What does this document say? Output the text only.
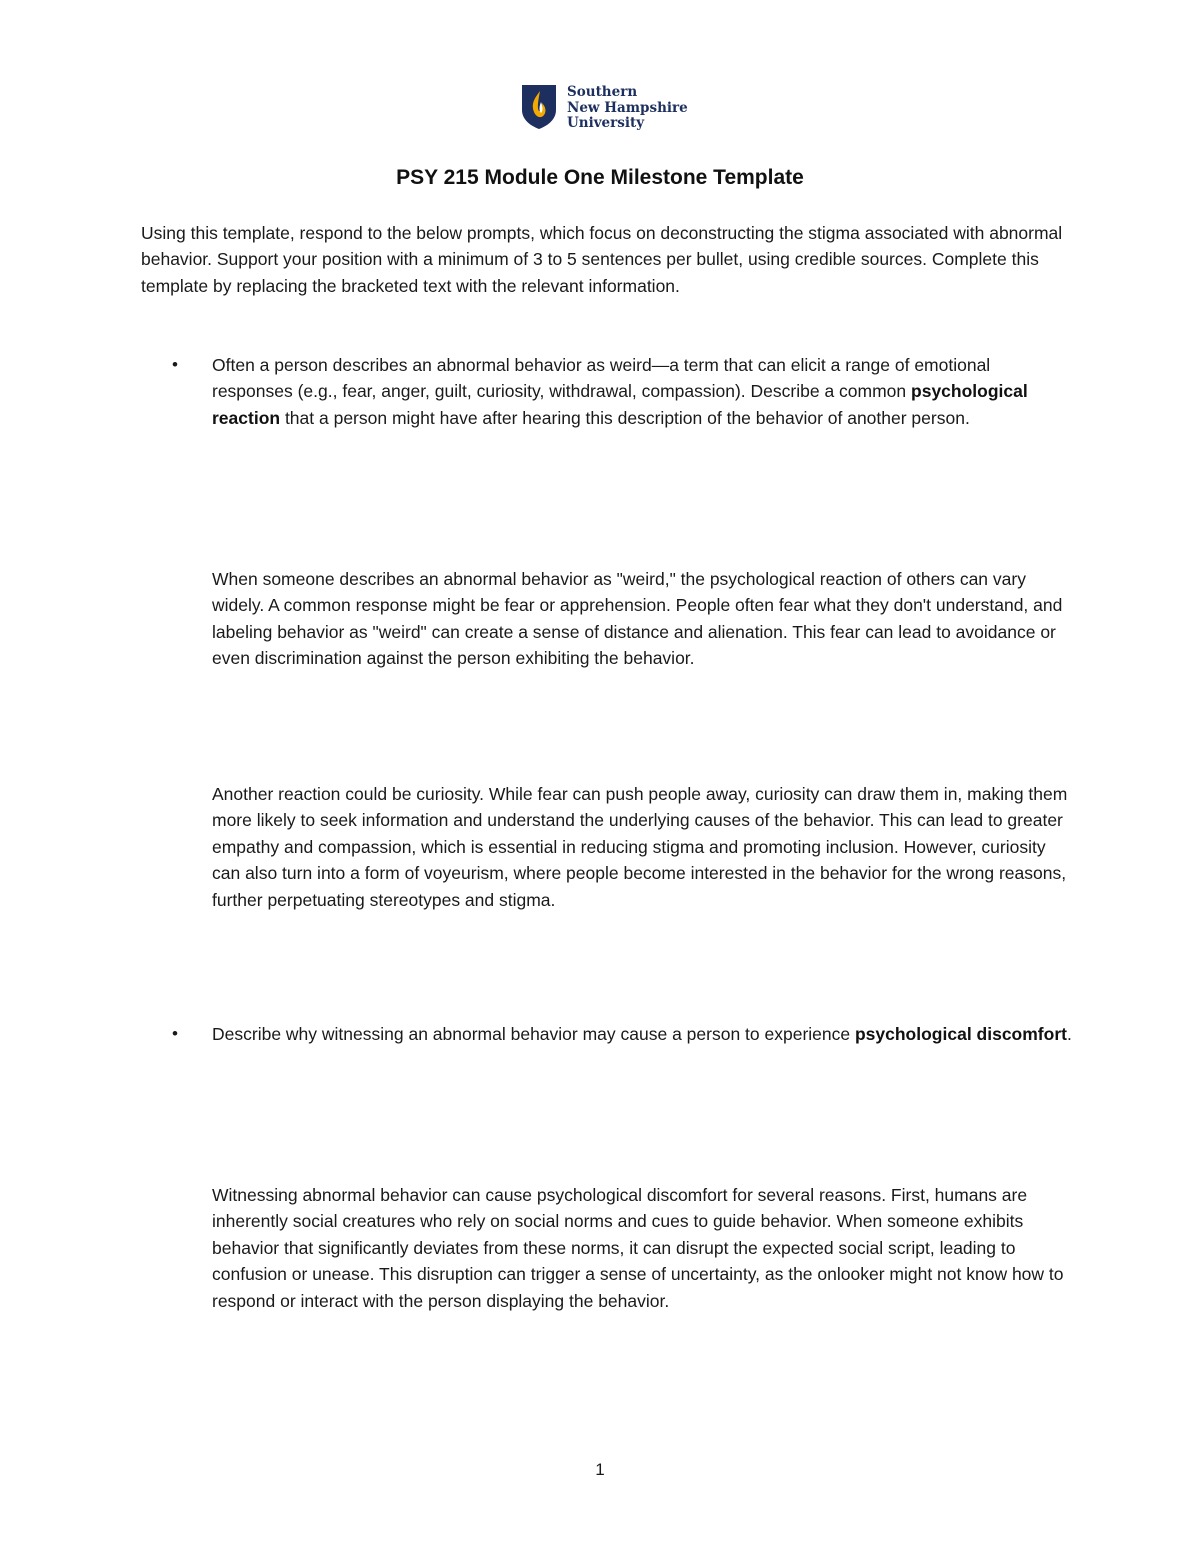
Southern
New Hampshire
University
PSY 215 Module One Milestone Template
Using this template, respond to the below prompts, which focus on deconstructing the stigma associated with abnormal behavior. Support your position with a minimum of 3 to 5 sentences per bullet, using credible sources. Complete this template by replacing the bracketed text with the relevant information.
•	Often a person describes an abnormal behavior as weird—a term that can elicit a range of emotional responses (e.g., fear, anger, guilt, curiosity, withdrawal, compassion). Describe a common psychological reaction that a person might have after hearing this description of the behavior of another person.
When someone describes an abnormal behavior as "weird," the psychological reaction of others can vary widely. A common response might be fear or apprehension. People often fear what they don't understand, and labeling behavior as "weird" can create a sense of distance and alienation. This fear can lead to avoidance or even discrimination against the person exhibiting the behavior.
Another reaction could be curiosity. While fear can push people away, curiosity can draw them in, making them more likely to seek information and understand the underlying causes of the behavior. This can lead to greater empathy and compassion, which is essential in reducing stigma and promoting inclusion. However, curiosity can also turn into a form of voyeurism, where people become interested in the behavior for the wrong reasons, further perpetuating stereotypes and stigma.
•	Describe why witnessing an abnormal behavior may cause a person to experience psychological discomfort.
Witnessing abnormal behavior can cause psychological discomfort for several reasons. First, humans are inherently social creatures who rely on social norms and cues to guide behavior. When someone exhibits behavior that significantly deviates from these norms, it can disrupt the expected social script, leading to confusion or unease. This disruption can trigger a sense of uncertainty, as the onlooker might not know how to respond or interact with the person displaying the behavior.
1
